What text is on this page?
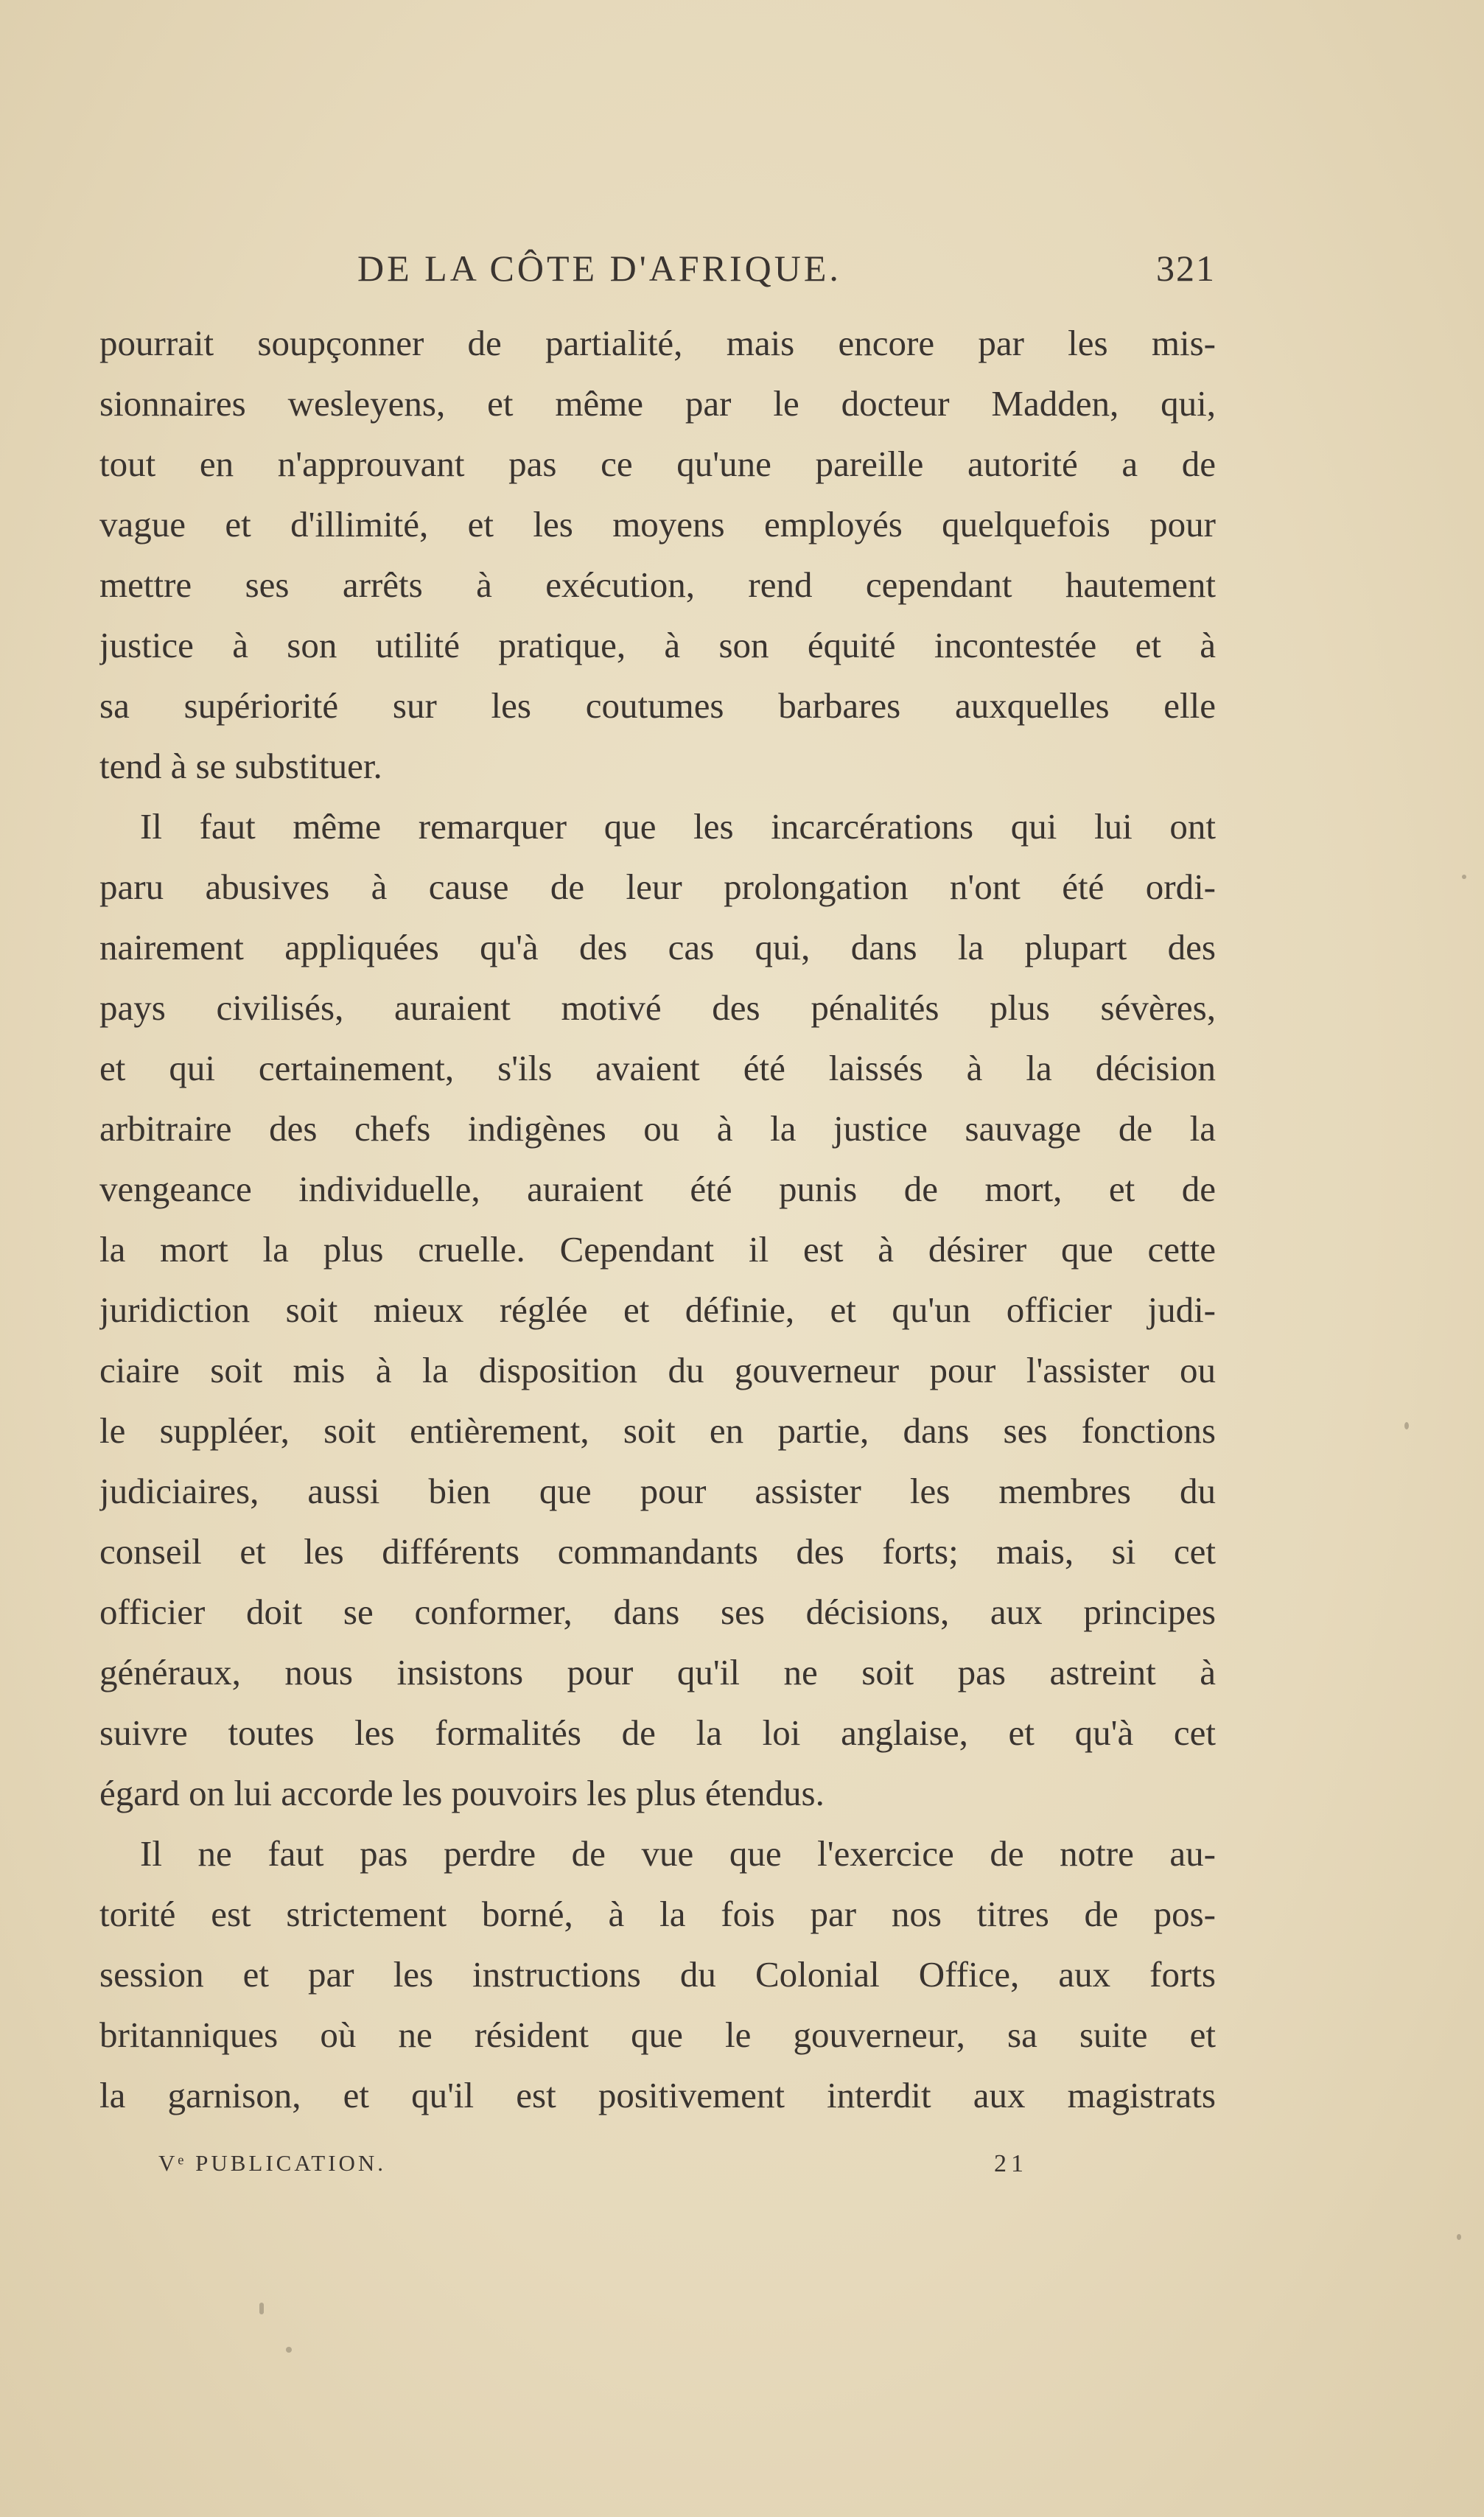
DE LA CÔTE D'AFRIQUE.	321
pourrait soupçonner de partialité, mais encore par les mis-
sionnaires wesleyens, et même par le docteur Madden, qui,
tout en n'approuvant pas ce qu'une pareille autorité a de
vague et d'illimité, et les moyens employés quelquefois pour
mettre ses arrêts à exécution, rend cependant hautement
justice à son utilité pratique, à son équité incontestée et à
sa supériorité sur les coutumes barbares auxquelles elle
tend à se substituer.
Il faut même remarquer que les incarcérations qui lui ont
paru abusives à cause de leur prolongation n'ont été ordi-
nairement appliquées qu'à des cas qui, dans la plupart des
pays civilisés, auraient motivé des pénalités plus sévères,
et qui certainement, s'ils avaient été laissés à la décision
arbitraire des chefs indigènes ou à la justice sauvage de la
vengeance individuelle, auraient été punis de mort, et de
la mort la plus cruelle. Cependant il est à désirer que cette
juridiction soit mieux réglée et définie, et qu'un officier judi-
ciaire soit mis à la disposition du gouverneur pour l'assister ou
le suppléer, soit entièrement, soit en partie, dans ses fonctions
judiciaires, aussi bien que pour assister les membres du
conseil et les différents commandants des forts; mais, si cet
officier doit se conformer, dans ses décisions, aux principes
généraux, nous insistons pour qu'il ne soit pas astreint à
suivre toutes les formalités de la loi anglaise, et qu'à cet
égard on lui accorde les pouvoirs les plus étendus.
Il ne faut pas perdre de vue que l'exercice de notre au-
torité est strictement borné, à la fois par nos titres de pos-
session et par les instructions du Colonial Office, aux forts
britanniques où ne résident que le gouverneur, sa suite et
la garnison, et qu'il est positivement interdit aux magistrats
Vᵉ PUBLICATION.	21
